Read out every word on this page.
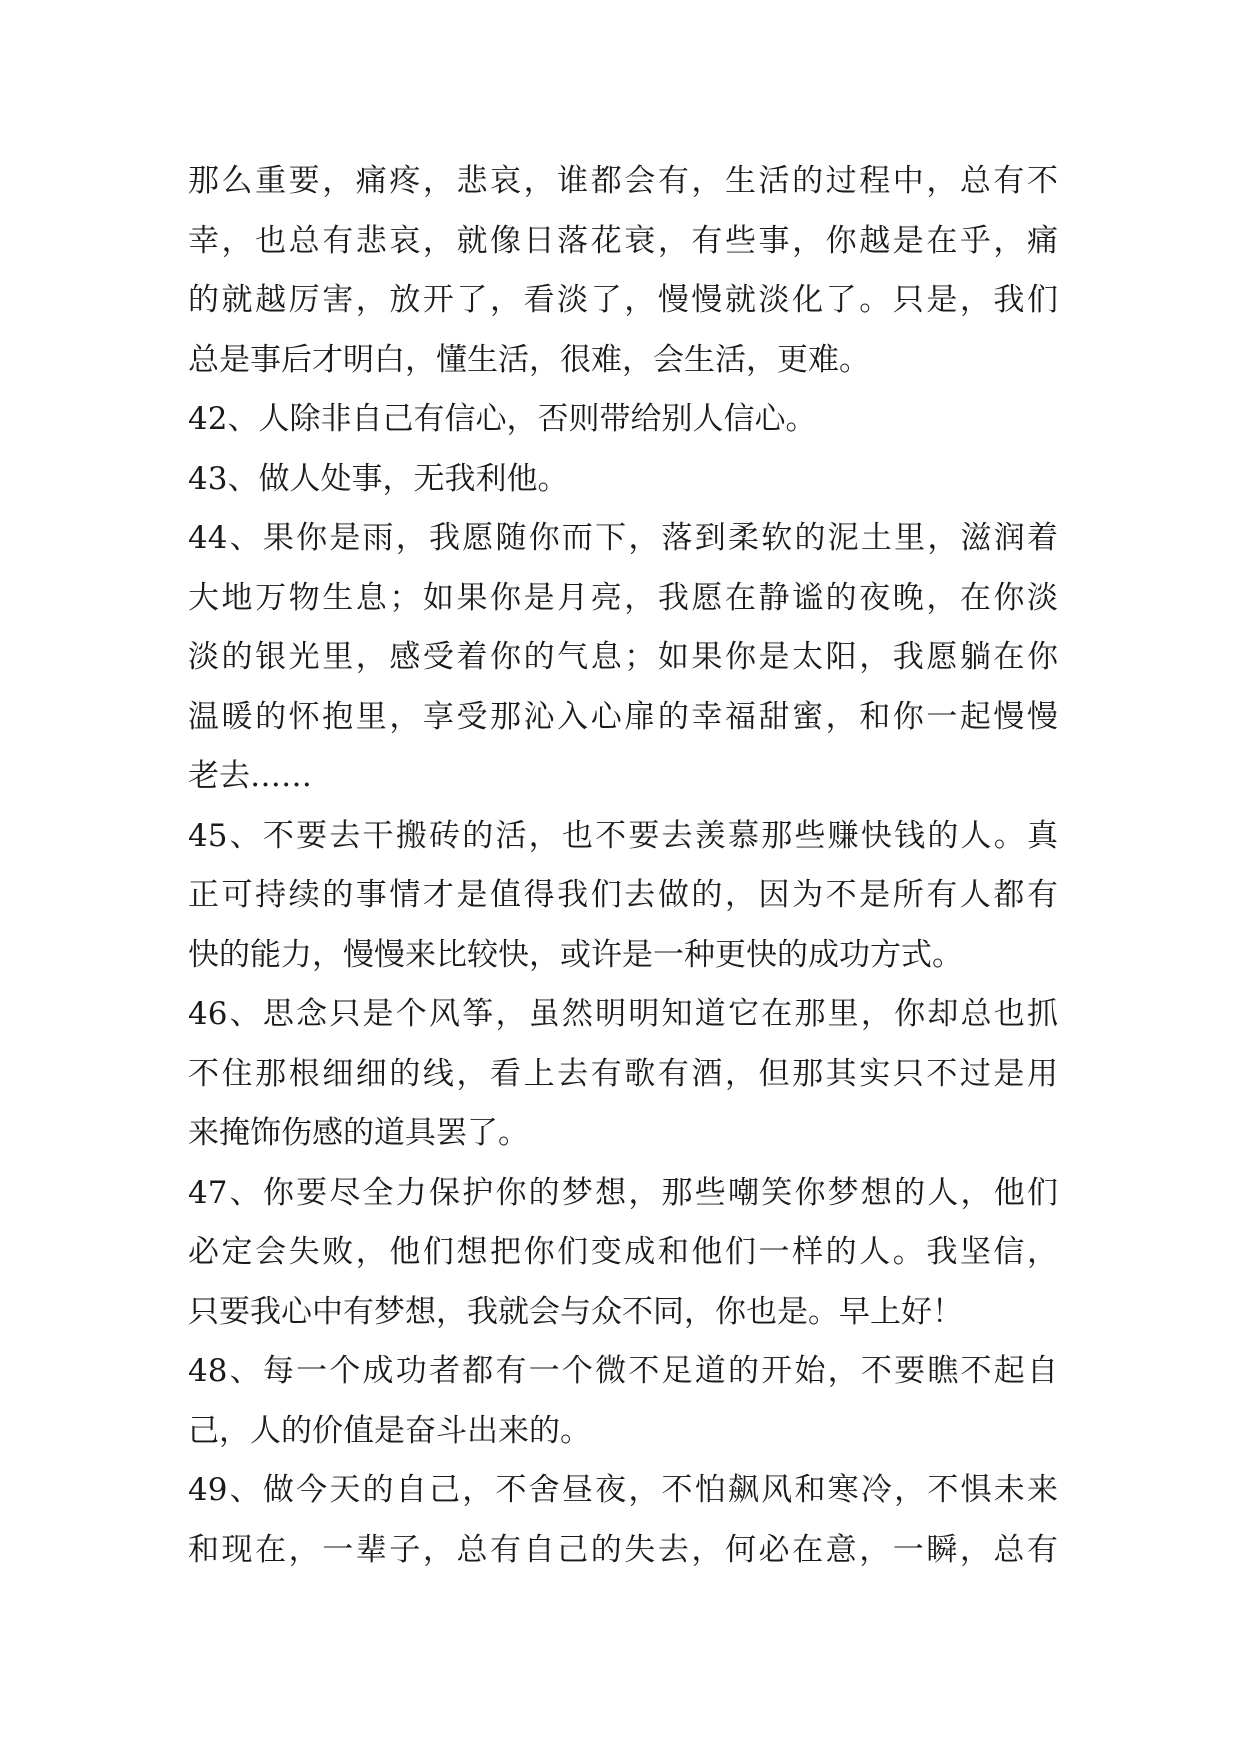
那么重要，痛疼，悲哀，谁都会有，生活的过程中，总有不
幸，也总有悲哀，就像日落花衰，有些事，你越是在乎，痛
的就越厉害，放开了，看淡了，慢慢就淡化了。只是，我们
总是事后才明白，懂生活，很难，会生活，更难。
42、人除非自己有信心，否则带给别人信心。
43、做人处事，无我利他。
44、果你是雨，我愿随你而下，落到柔软的泥土里，滋润着
大地万物生息；如果你是月亮，我愿在静谧的夜晚，在你淡
淡的银光里，感受着你的气息；如果你是太阳，我愿躺在你
温暖的怀抱里，享受那沁入心扉的幸福甜蜜，和你一起慢慢
老去……
45、不要去干搬砖的活，也不要去羡慕那些赚快钱的人。真
正可持续的事情才是值得我们去做的，因为不是所有人都有
快的能力，慢慢来比较快，或许是一种更快的成功方式。
46、思念只是个风筝，虽然明明知道它在那里，你却总也抓
不住那根细细的线，看上去有歌有酒，但那其实只不过是用
来掩饰伤感的道具罢了。
47、你要尽全力保护你的梦想，那些嘲笑你梦想的人，他们
必定会失败，他们想把你们变成和他们一样的人。我坚信，
只要我心中有梦想，我就会与众不同，你也是。早上好！
48、每一个成功者都有一个微不足道的开始，不要瞧不起自
己，人的价值是奋斗出来的。
49、做今天的自己，不舍昼夜，不怕飙风和寒冷，不惧未来
和现在，一辈子，总有自己的失去，何必在意，一瞬，总有
